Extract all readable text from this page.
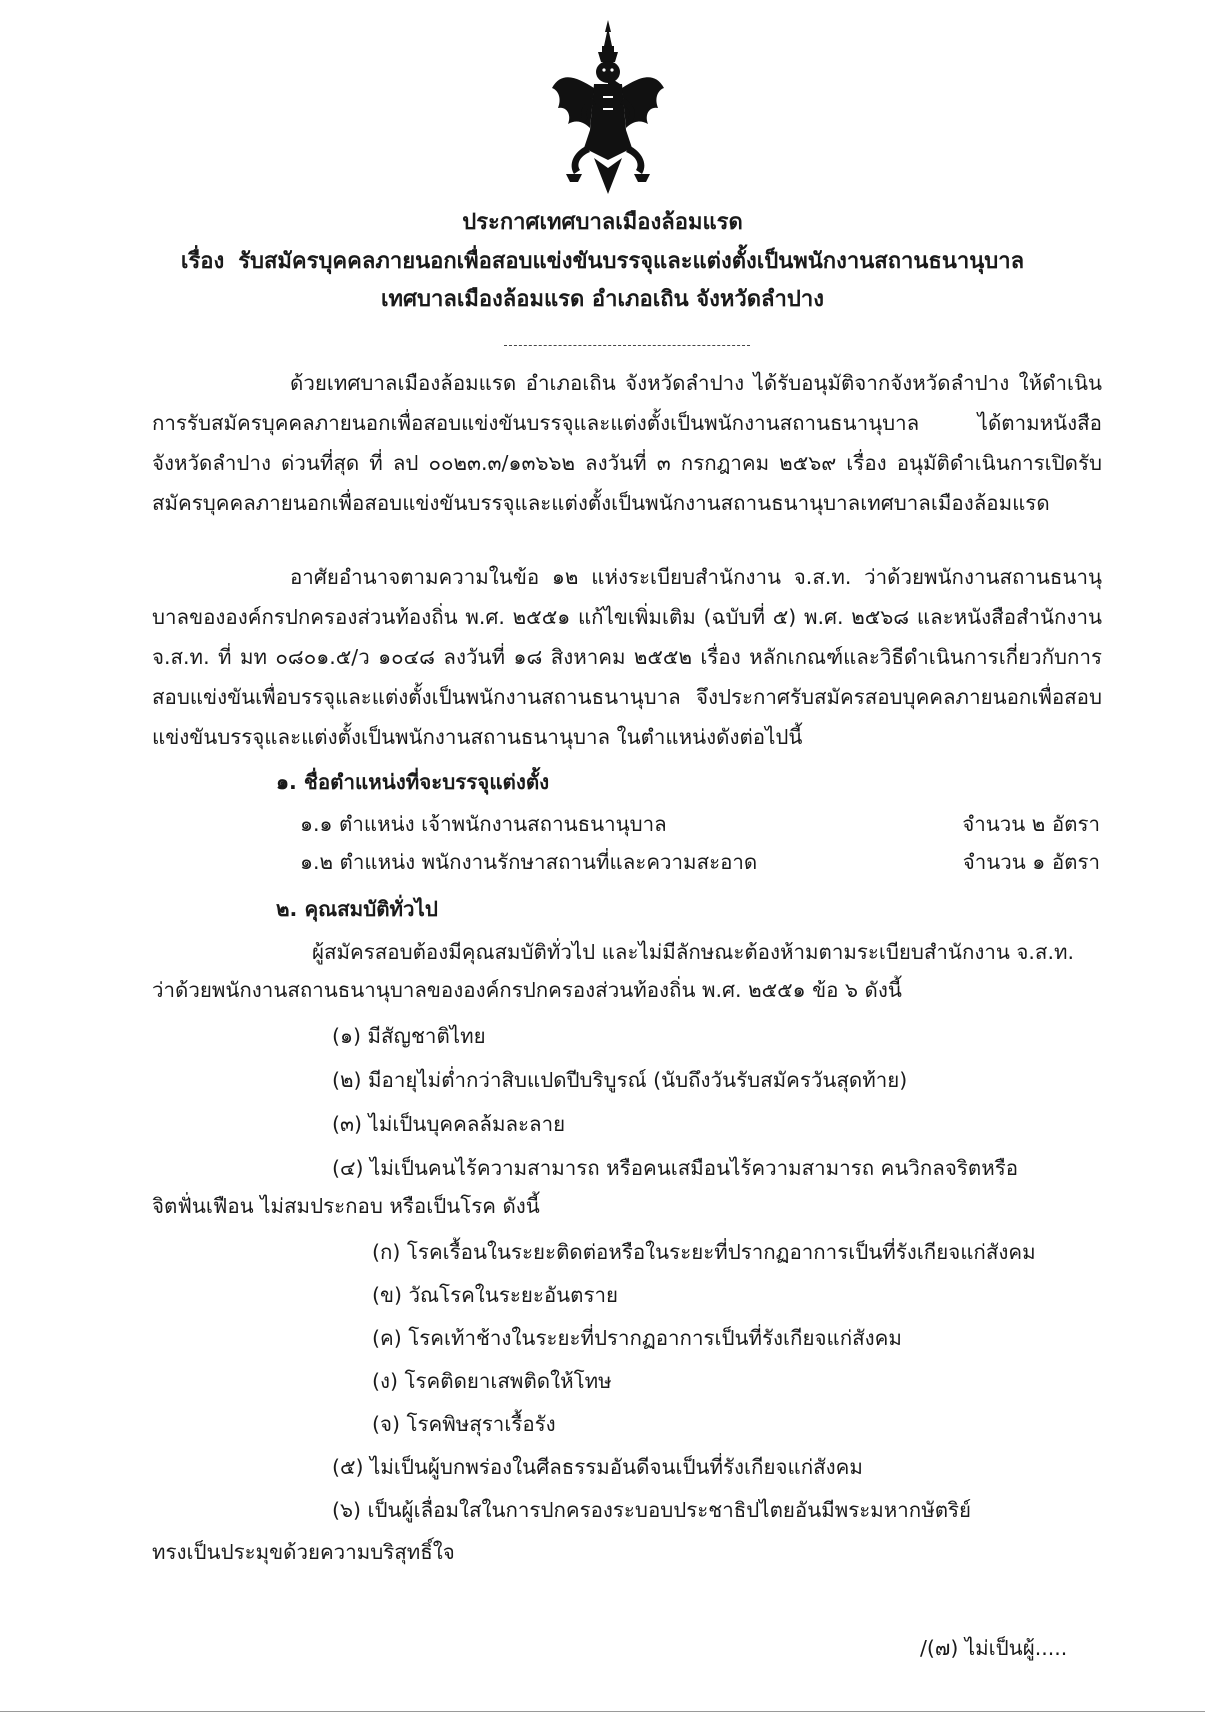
ประกาศเทศบาลเมืองล้อมแรด
เรื่อง รับสมัครบุคคลภายนอกเพื่อสอบแข่งขันบรรจุและแต่งตั้งเป็นพนักงานสถานธนานุบาล
เทศบาลเมืองล้อมแรด อำเภอเถิน จังหวัดลำปาง
ด้วยเทศบาลเมืองล้อมแรด อำเภอเถิน จังหวัดลำปาง ได้รับอนุมัติจากจังหวัดลำปาง ให้ดำเนินการรับสมัครบุคคลภายนอกเพื่อสอบแข่งขันบรรจุและแต่งตั้งเป็นพนักงานสถานธนานุบาล ได้ตามหนังสือจังหวัดลำปาง ด่วนที่สุด ที่ ลป ๐๐๒๓.๓/๑๓๖๖๒ ลงวันที่ ๓ กรกฎาคม ๒๕๖๙ เรื่อง อนุมัติดำเนินการเปิดรับสมัครบุคคลภายนอกเพื่อสอบแข่งขันบรรจุและแต่งตั้งเป็นพนักงานสถานธนานุบาลเทศบาลเมืองล้อมแรด
อาศัยอำนาจตามความในข้อ ๑๒ แห่งระเบียบสำนักงาน จ.ส.ท. ว่าด้วยพนักงานสถานธนานุบาลขององค์กรปกครองส่วนท้องถิ่น พ.ศ. ๒๕๕๑ แก้ไขเพิ่มเติม (ฉบับที่ ๕) พ.ศ. ๒๕๖๘ และหนังสือสำนักงาน จ.ส.ท. ที่ มท ๐๘๐๑.๕/ว ๑๐๔๘ ลงวันที่ ๑๘ สิงหาคม ๒๕๕๒ เรื่อง หลักเกณฑ์และวิธีดำเนินการเกี่ยวกับการสอบแข่งขันเพื่อบรรจุและแต่งตั้งเป็นพนักงานสถานธนานุบาล จึงประกาศรับสมัครสอบบุคคลภายนอกเพื่อสอบแข่งขันบรรจุและแต่งตั้งเป็นพนักงานสถานธนานุบาล ในตำแหน่งดังต่อไปนี้
๑. ชื่อตำแหน่งที่จะบรรจุแต่งตั้ง
๑.๑ ตำแหน่ง เจ้าพนักงานสถานธนานุบาล	จำนวน ๒ อัตรา
๑.๒ ตำแหน่ง พนักงานรักษาสถานที่และความสะอาด	จำนวน ๑ อัตรา
๒. คุณสมบัติทั่วไป
ผู้สมัครสอบต้องมีคุณสมบัติทั่วไป และไม่มีลักษณะต้องห้ามตามระเบียบสำนักงาน จ.ส.ท.
ว่าด้วยพนักงานสถานธนานุบาลขององค์กรปกครองส่วนท้องถิ่น พ.ศ. ๒๕๕๑ ข้อ ๖ ดังนี้
(๑) มีสัญชาติไทย
(๒) มีอายุไม่ต่ำกว่าสิบแปดปีบริบูรณ์ (นับถึงวันรับสมัครวันสุดท้าย)
(๓) ไม่เป็นบุคคลล้มละลาย
(๔) ไม่เป็นคนไร้ความสามารถ หรือคนเสมือนไร้ความสามารถ คนวิกลจริตหรือ
จิตฟั่นเฟือน ไม่สมประกอบ หรือเป็นโรค ดังนี้
(ก) โรคเรื้อนในระยะติดต่อหรือในระยะที่ปรากฏอาการเป็นที่รังเกียจแก่สังคม
(ข) วัณโรคในระยะอันตราย
(ค) โรคเท้าช้างในระยะที่ปรากฏอาการเป็นที่รังเกียจแก่สังคม
(ง) โรคติดยาเสพติดให้โทษ
(จ) โรคพิษสุราเรื้อรัง
(๕) ไม่เป็นผู้บกพร่องในศีลธรรมอันดีจนเป็นที่รังเกียจแก่สังคม
(๖) เป็นผู้เลื่อมใสในการปกครองระบอบประชาธิปไตยอันมีพระมหากษัตริย์
ทรงเป็นประมุขด้วยความบริสุทธิ์ใจ
/(๗) ไม่เป็นผู้.....
